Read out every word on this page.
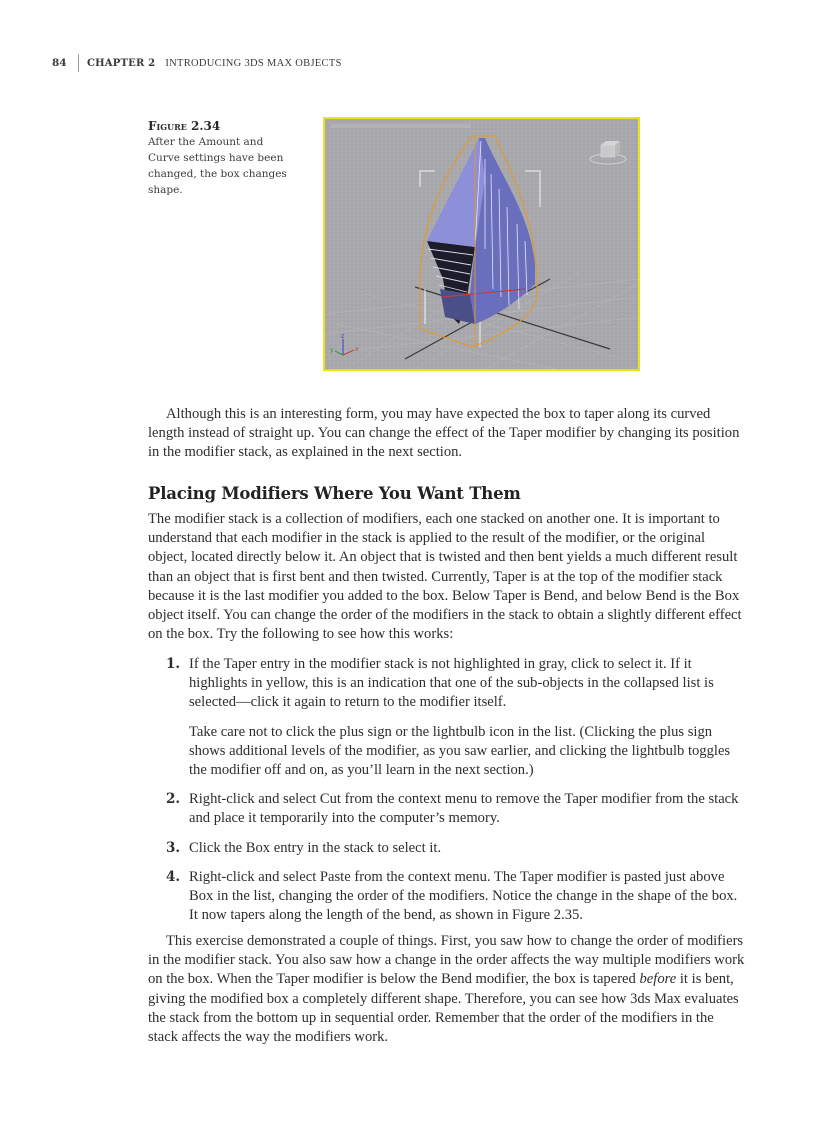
84	CHAPTER 2 INTRODUCING 3DS MAX OBJECTS
Figure 2.34
After the Amount and Curve settings have been changed, the box changes shape.
z
x
y

Although this is an interesting form, you may have expected the box to taper along its curved length instead of straight up. You can change the effect of the Taper modifier by changing its position in the modifier stack, as explained in the next section.

Placing Modifiers Where You Want Them

The modifier stack is a collection of modifiers, each one stacked on another one. It is important to understand that each modifier in the stack is applied to the result of the modifier, or the original object, located directly below it. An object that is twisted and then bent yields a much different result than an object that is first bent and then twisted. Currently, Taper is at the top of the modifier stack because it is the last modifier you added to the box. Below Taper is Bend, and below Bend is the Box object itself. You can change the order of the modifiers in the stack to obtain a slightly different effect on the box. Try the following to see how this works:

1. If the Taper entry in the modifier stack is not highlighted in gray, click to select it. If it highlights in yellow, this is an indication that one of the sub-objects in the collapsed list is selected—click it again to return to the modifier itself.
Take care not to click the plus sign or the lightbulb icon in the list. (Clicking the plus sign shows additional levels of the modifier, as you saw earlier, and clicking the lightbulb toggles the modifier off and on, as you’ll learn in the next section.)
2. Right-click and select Cut from the context menu to remove the Taper modifier from the stack and place it temporarily into the computer’s memory.
3. Click the Box entry in the stack to select it.
4. Right-click and select Paste from the context menu. The Taper modifier is pasted just above Box in the list, changing the order of the modifiers. Notice the change in the shape of the box. It now tapers along the length of the bend, as shown in Figure 2.35.

This exercise demonstrated a couple of things. First, you saw how to change the order of modifiers in the modifier stack. You also saw how a change in the order affects the way multiple modifiers work on the box. When the Taper modifier is below the Bend modifier, the box is tapered before it is bent, giving the modified box a completely different shape. Therefore, you can see how 3ds Max evaluates the stack from the bottom up in sequential order. Remember that the order of the modifiers in the stack affects the way the modifiers work.
